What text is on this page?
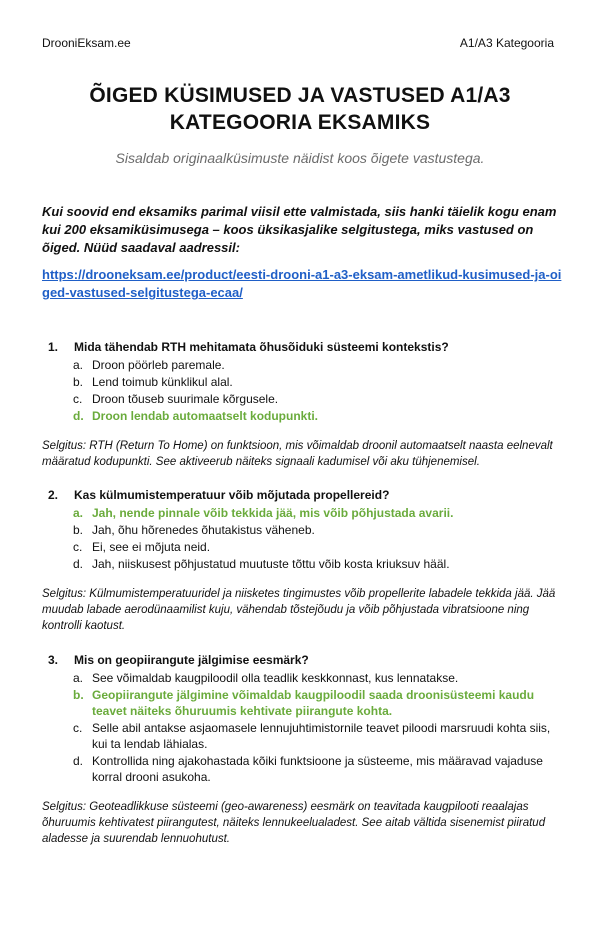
DrooniEksam.ee	A1/A3 Kategooria
ÕIGED KÜSIMUSED JA VASTUSED A1/A3
KATEGOORIA EKSAMIKS
Sisaldab originaalküsimuste näidist koos õigete vastustega.
Kui soovid end eksamiks parimal viisil ette valmistada, siis hanki täielik kogu enam kui 200 eksamiküsimusega – koos üksikasjalike selgitustega, miks vastused on õiged. Nüüd saadaval aadressil:
https://drooneksam.ee/product/eesti-drooni-a1-a3-eksam-ametlikud-kusimused-ja-oiged-vastused-selgitustega-ecaa/
1. Mida tähendab RTH mehitamata õhusõiduki süsteemi kontekstis?
a. Droon pöörleb paremale.
b. Lend toimub künklikul alal.
c. Droon tõuseb suurimale kõrgusele.
d. Droon lendab automaatselt kodupunkti.
Selgitus: RTH (Return To Home) on funktsioon, mis võimaldab droonil automaatselt naasta eelnevalt määratud kodupunkti. See aktiveerub näiteks signaali kadumisel või aku tühjenemisel.
2. Kas külmumistemperatuur võib mõjutada propellereid?
a. Jah, nende pinnale võib tekkida jää, mis võib põhjustada avarii.
b. Jah, õhu hõrenedes õhutakistus väheneb.
c. Ei, see ei mõjuta neid.
d. Jah, niiskusest põhjustatud muutuste tõttu võib kosta kriuksuv hääl.
Selgitus: Külmumistemperatuuridel ja niisketes tingimustes võib propellerite labadele tekkida jää. Jää muudab labade aerodünaamilist kuju, vähendab tõstejõudu ja võib põhjustada vibratsioone ning kontrolli kaotust.
3. Mis on geopiirangute jälgimise eesmärk?
a. See võimaldab kaugpiloodil olla teadlik keskkonnast, kus lennatakse.
b. Geopiirangute jälgimine võimaldab kaugpiloodil saada droonisüsteemi kaudu teavet näiteks õhuruumis kehtivate piirangute kohta.
c. Selle abil antakse asjaomasele lennujuhtimistornile teavet piloodi marsruudi kohta siis, kui ta lendab lähialas.
d. Kontrollida ning ajakohastada kõiki funktsioone ja süsteeme, mis määravad vajaduse korral drooni asukoha.
Selgitus: Geoteadlikkuse süsteemi (geo-awareness) eesmärk on teavitada kaugpilooti reaalajas õhuruumis kehtivatest piirangutest, näiteks lennukeelualadest. See aitab vältida sisenemist piiratud aladesse ja suurendab lennuohutust.
